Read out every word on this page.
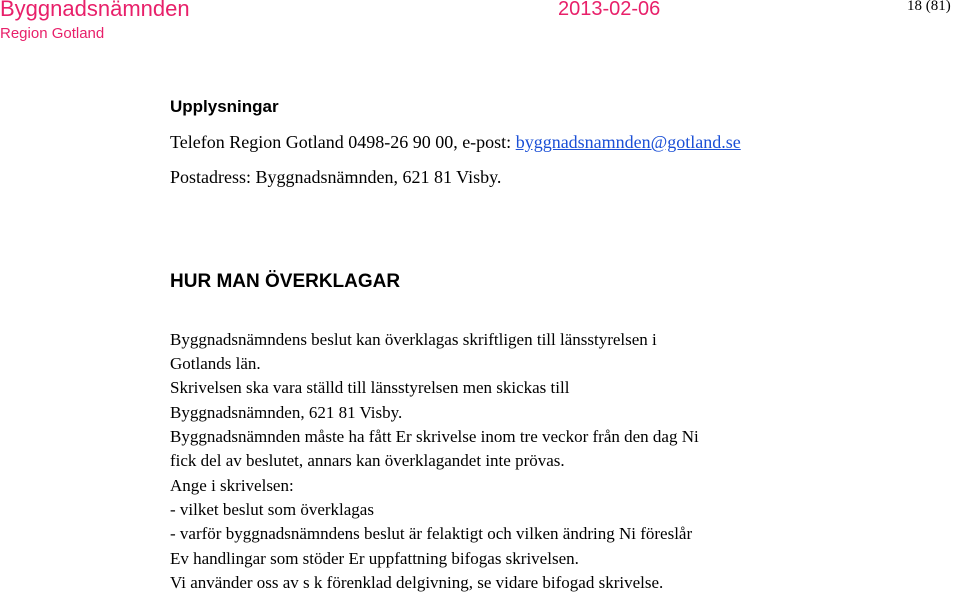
Byggnadsnämnden
Region Gotland
2013-02-06	18 (81)
Upplysningar
Telefon Region Gotland 0498-26 90 00, e-post: byggnadsnamnden@gotland.se
Postadress: Byggnadsnämnden, 621 81 Visby.
HUR MAN ÖVERKLAGAR
Byggnadsnämndens beslut kan överklagas skriftligen till länsstyrelsen i
Gotlands län.
Skrivelsen ska vara ställd till länsstyrelsen men skickas till
Byggnadsnämnden, 621 81 Visby.
Byggnadsnämnden måste ha fått Er skrivelse inom tre veckor från den dag Ni
fick del av beslutet, annars kan överklagandet inte prövas.
Ange i skrivelsen:
- vilket beslut som överklagas
- varför byggnadsnämndens beslut är felaktigt och vilken ändring Ni föreslår
Ev handlingar som stöder Er uppfattning bifogas skrivelsen.
Vi använder oss av s k förenklad delgivning, se vidare bifogad skrivelse.
